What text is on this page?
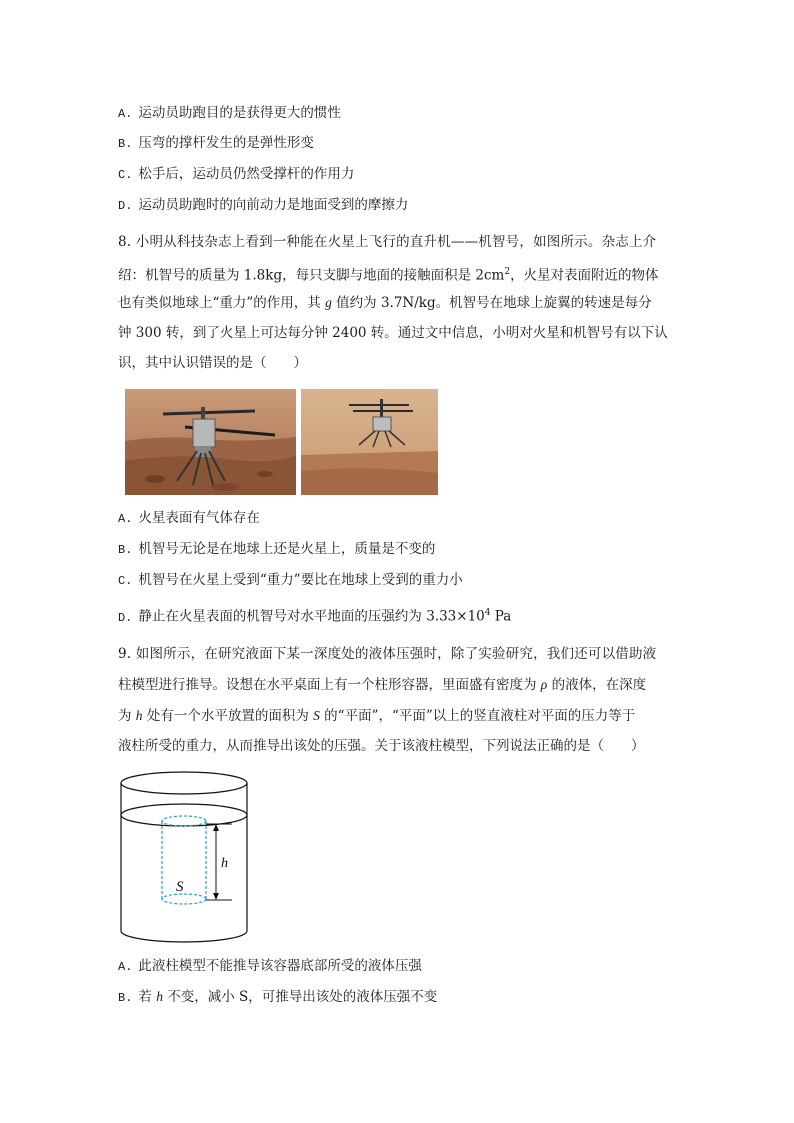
A. 运动员助跑目的是获得更大的惯性
B. 压弯的撑杆发生的是弹性形变
C. 松手后，运动员仍然受撑杆的作用力
D. 运动员助跑时的向前动力是地面受到的摩擦力
8. 小明从科技杂志上看到一种能在火星上飞行的直升机——机智号，如图所示。杂志上介
绍：机智号的质量为 1.8kg，每只支脚与地面的接触面积是 $2cm^2$，火星对表面附近的物体
也有类似地球上“重力”的作用，其 g 值约为 3.7N/kg。机智号在地球上旋翼的转速是每分
钟 300 转，到了火星上可达每分钟 2400 转。通过文中信息，小明对火星和机智号有以下认
识，其中认识错误的是（　　）
A. 火星表面有气体存在
B. 机智号无论是在地球上还是火星上，质量是不变的
C. 机智号在火星上受到“重力”要比在地球上受到的重力小
D. 静止在火星表面的机智号对水平地面的压强约为 $3.33\times 10^4$ Pa
9. 如图所示，在研究液面下某一深度处的液体压强时，除了实验研究，我们还可以借助液
柱模型进行推导。设想在水平桌面上有一个柱形容器，里面盛有密度为 ρ 的液体，在深度
为 h 处有一个水平放置的面积为 S 的“平面”，“平面”以上的竖直液柱对平面的压力等于
液柱所受的重力，从而推导出该处的压强。关于该液柱模型，下列说法正确的是（　　）
h
S
A. 此液柱模型不能推导该容器底部所受的液体压强
B. 若 h 不变，减小 S，可推导出该处的液体压强不变
